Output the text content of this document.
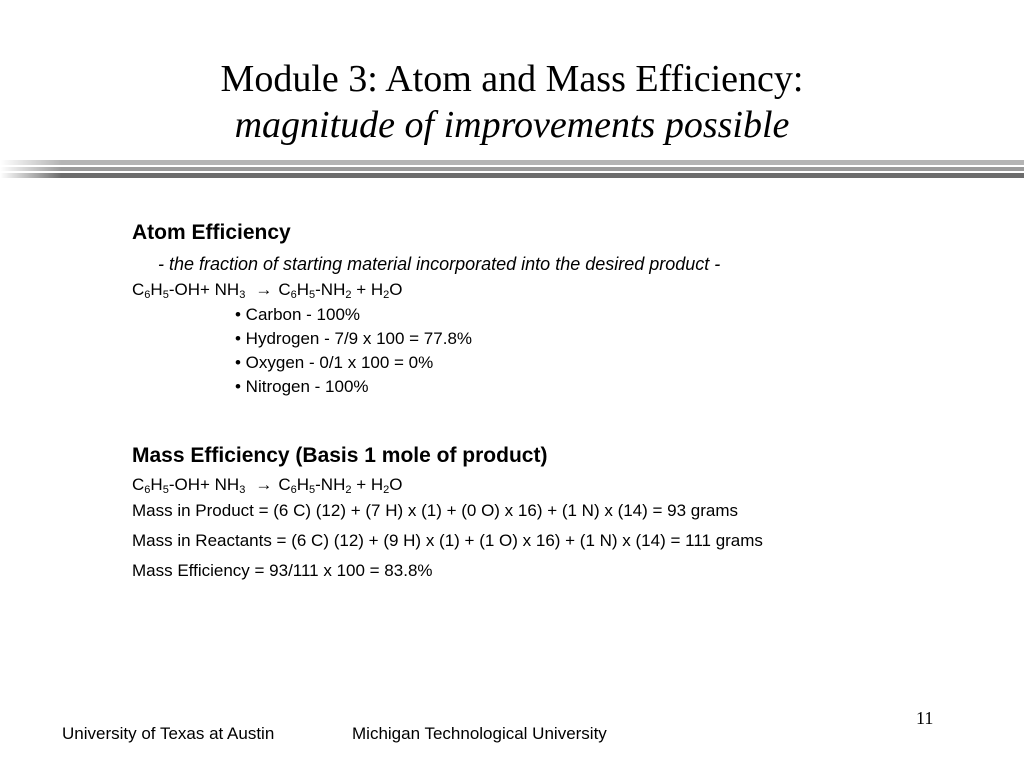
Module 3: Atom and Mass Efficiency:
magnitude of improvements possible
Atom Efficiency
- the fraction of starting material incorporated into the desired product -
$C_6H_5-OH+ NH_3 \to C_6H_5-NH_2 + H_2O$
• Carbon - 100%
• Hydrogen - 7/9 x 100 = 77.8%
• Oxygen - 0/1 x 100 = 0%
• Nitrogen - 100%
Mass Efficiency (Basis 1 mole of product)
$C_6H_5-OH+ NH_3 \to C_6H_5-NH_2 + H_2O$
Mass in Product = (6 C) (12) + (7 H) x (1) + (0 O) x 16) + (1 N) x (14) = 93 grams
Mass in Reactants = (6 C) (12) + (9 H) x (1) + (1 O) x 16) + (1 N) x (14) = 111 grams
Mass Efficiency = 93/111 x 100 = 83.8%
University of Texas at Austin	Michigan Technological University
11
